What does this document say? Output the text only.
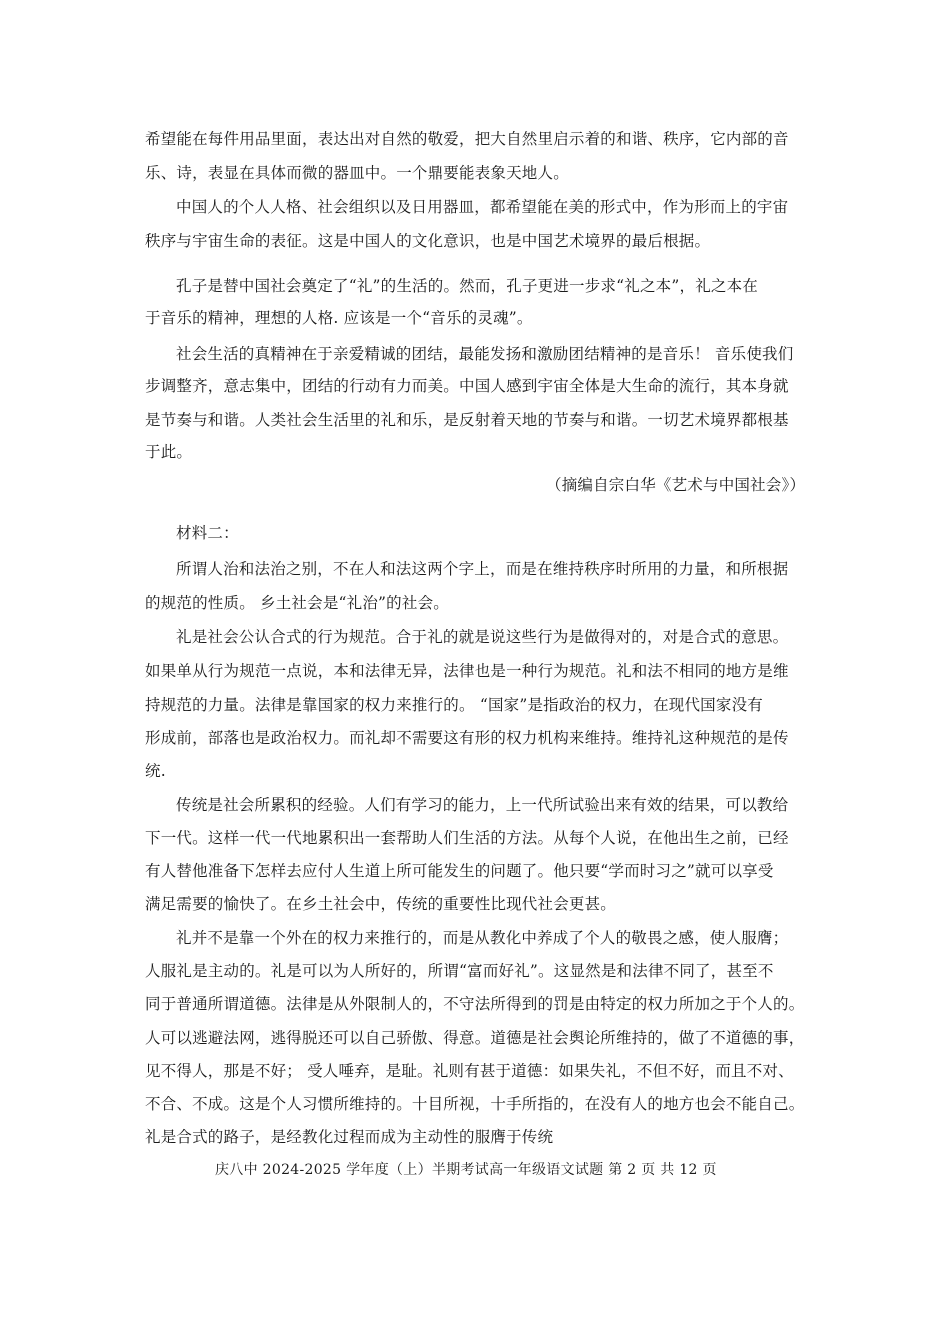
希望能在每件用品里面，表达出对自然的敬爱，把大自然里启示着的和谐、秩序，它内部的音
乐、诗，表显在具体而微的器皿中。一个鼎要能表象天地人。
中国人的个人人格、社会组织以及日用器皿，都希望能在美的形式中，作为形而上的宇宙
秩序与宇宙生命的表征。这是中国人的文化意识，也是中国艺术境界的最后根据。
孔子是替中国社会奠定了“礼”的生活的。然而，孔子更进一步求“礼之本”，礼之本在
于音乐的精神，理想的人格. 应该是一个“音乐的灵魂”。
社会生活的真精神在于亲爱精诚的团结，最能发扬和激励团结精神的是音乐！ 音乐使我们
步调整齐，意志集中，团结的行动有力而美。中国人感到宇宙全体是大生命的流行，其本身就
是节奏与和谐。人类社会生活里的礼和乐，是反射着天地的节奏与和谐。一切艺术境界都根基
于此。
（摘编自宗白华《艺术与中国社会》）
材料二：
所谓人治和法治之别，不在人和法这两个字上，而是在维持秩序时所用的力量，和所根据
的规范的性质。 乡土社会是“礼治”的社会。
礼是社会公认合式的行为规范。合于礼的就是说这些行为是做得对的，对是合式的意思。
如果单从行为规范一点说，本和法律无异，法律也是一种行为规范。礼和法不相同的地方是维
持规范的力量。法律是靠国家的权力来推行的。 “国家”是指政治的权力，在现代国家没有
形成前，部落也是政治权力。而礼却不需要这有形的权力机构来维持。维持礼这种规范的是传
统.
传统是社会所累积的经验。人们有学习的能力，上一代所试验出来有效的结果，可以教给
下一代。这样一代一代地累积出一套帮助人们生活的方法。从每个人说，在他出生之前，已经
有人替他准备下怎样去应付人生道上所可能发生的问题了。他只要“学而时习之”就可以享受
满足需要的愉快了。在乡土社会中，传统的重要性比现代社会更甚。
礼并不是靠一个外在的权力来推行的，而是从教化中养成了个人的敬畏之感，使人服膺；
人服礼是主动的。礼是可以为人所好的，所谓“富而好礼”。这显然是和法律不同了，甚至不
同于普通所谓道德。法律是从外限制人的，不守法所得到的罚是由特定的权力所加之于个人的。
人可以逃避法网，逃得脱还可以自己骄傲、得意。道德是社会舆论所维持的，做了不道德的事，
见不得人，那是不好； 受人唾弃，是耻。礼则有甚于道德：如果失礼，不但不好，而且不对、
不合、不成。这是个人习惯所维持的。十目所视，十手所指的，在没有人的地方也会不能自己。
礼是合式的路子，是经教化过程而成为主动性的服膺于传统
庆八中 2024-2025 学年度（上）半期考试高一年级语文试题 第 2 页 共 12 页
